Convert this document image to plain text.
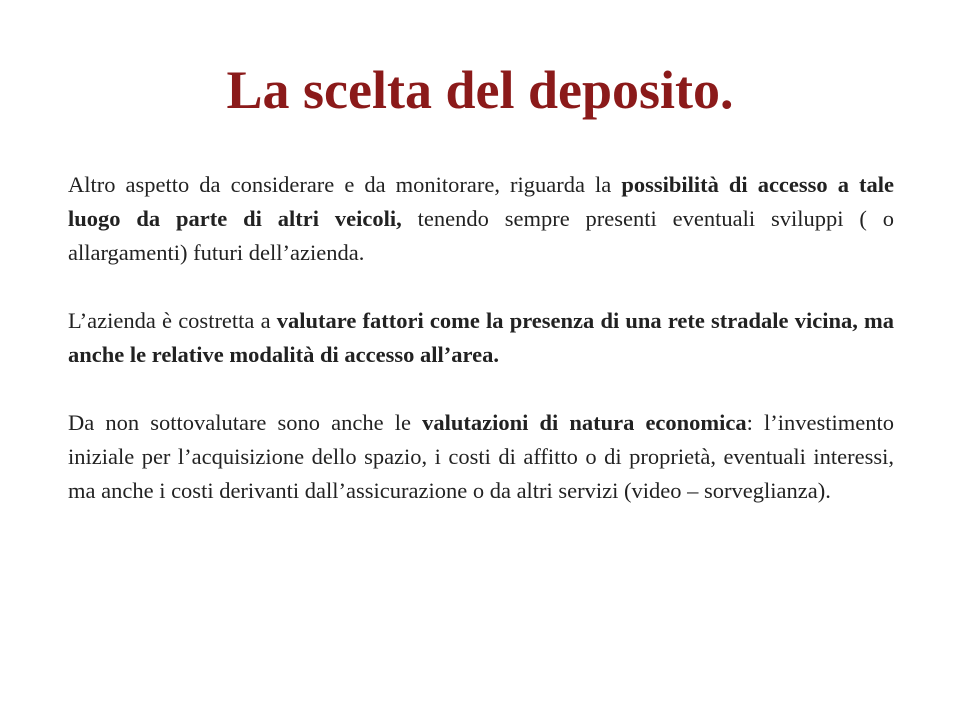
La scelta del deposito.

Altro aspetto da considerare e da monitorare, riguarda la possibilità di accesso a tale luogo da parte di altri veicoli, tenendo sempre presenti eventuali sviluppi ( o allargamenti) futuri dell’azienda.

L’azienda è costretta a valutare fattori come la presenza di una rete stradale vicina, ma anche le relative modalità di accesso all’area.

Da non sottovalutare sono anche le valutazioni di natura economica: l’investimento iniziale per l’acquisizione dello spazio, i costi di affitto o di proprietà, eventuali interessi, ma anche i costi derivanti dall’assicurazione o da altri servizi (video – sorveglianza).
